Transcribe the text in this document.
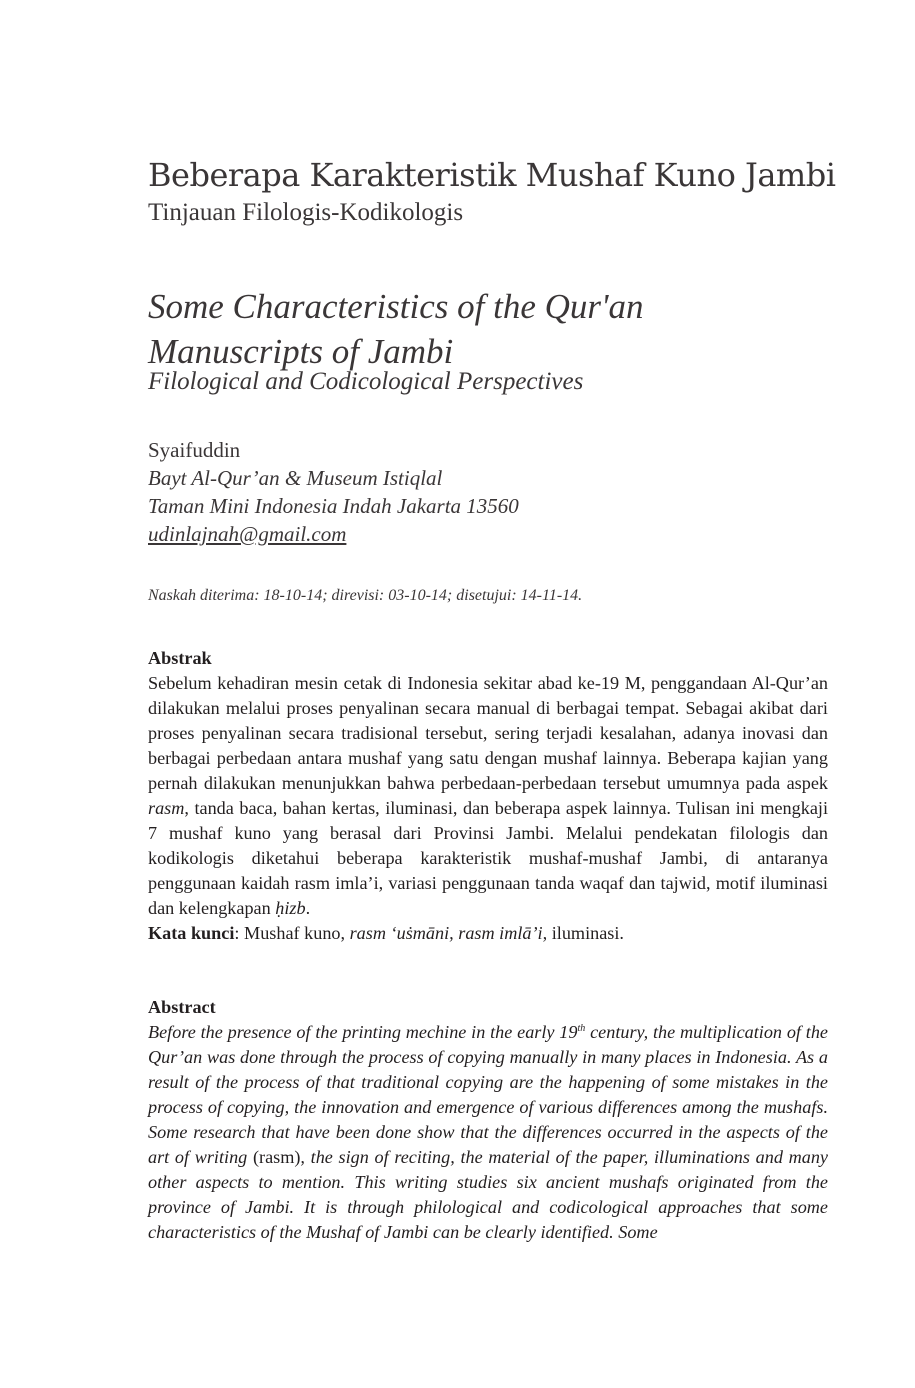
Beberapa Karakteristik Mushaf Kuno Jambi
Tinjauan Filologis-Kodikologis
Some Characteristics of the Qur'an Manuscripts of Jambi
Filological and Codicological Perspectives
Syaifuddin
Bayt Al-Qur’an & Museum Istiqlal
Taman Mini Indonesia Indah Jakarta 13560
udinlajnah@gmail.com
Naskah diterima: 18-10-14; direvisi: 03-10-14; disetujui: 14-11-14.
Abstrak

Sebelum kehadiran mesin cetak di Indonesia sekitar abad ke-19 M, penggandaan Al-Qur’an dilakukan melalui proses penyalinan secara manual di berbagai tempat. Sebagai akibat dari proses penyalinan secara tradisional tersebut, sering terjadi kesalahan, adanya inovasi dan berbagai perbedaan antara mushaf yang satu dengan mushaf lainnya. Beberapa kajian yang pernah dilakukan menunjukkan bahwa perbedaan-perbedaan tersebut umumnya pada aspek rasm, tanda baca, bahan kertas, iluminasi, dan beberapa aspek lainnya. Tulisan ini mengkaji 7 mushaf kuno yang berasal dari Provinsi Jambi. Melalui pendekatan filologis dan kodikologis diketahui beberapa karakteristik mushaf-mushaf Jambi, di antaranya penggunaan kaidah rasm imla’i, variasi penggunaan tanda waqaf dan tajwid, motif iluminasi dan kelengkapan ḥizb.

Kata kunci: Mushaf kuno, rasm ‘uṡmāni, rasm imlā’i, iluminasi.

Abstract

Before the presence of the printing mechine in the early 19th century, the multiplication of the Qur’an was done through the process of copying manually in many places in Indonesia. As a result of the process of that traditional copying are the happening of some mistakes in the process of copying, the innovation and emergence of various differences among the mushafs. Some research that have been done show that the differences occurred in the aspects of the art of writing (rasm), the sign of reciting, the material of the paper, illuminations and many other aspects to mention. This writing studies six ancient mushafs originated from the province of Jambi. It is through philological and codicological approaches that some characteristics of the Mushaf of Jambi can be clearly identified. Some
